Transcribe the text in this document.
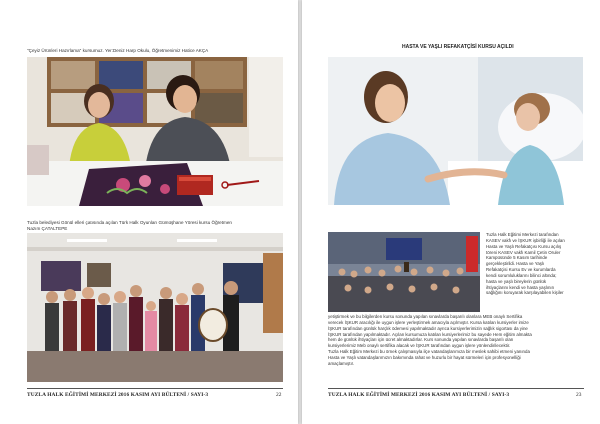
"Çeyiz Ürünleri Hazırlama" kursumuz. Yer:Deniz Harp Okulu, Öğretmenimiz Hatice AKÇA
Tuzla belediyesi Gönül elleri çatısında açılan Türk Halk Oyunları Gümüşhane Yöresi kursu Öğretmen
Nazım ÇATALTEPE
TUZLA HALK EĞİTİMİ MERKEZİ 2016 KASIM AYI BÜLTENİ / SAYI-3	22
HASTA VE YAŞLI REFAKATÇİSİ KURSU AÇILDI

Tuzla Halk Eğitimi Merkezi tarafından

KASEV vakfı ve İŞKUR işbirliği ile açılan

Hasta ve Yaşlı Refakatçısı Kursu açılış

töreni KASEV vakfı Kamil Çetin Oruler

Kampüsünde 5 Kasım tarihinde

gerçekleştirildi. Hasta ve Yaşlı

Refakatçisi Kursu Ev ve kurumlarda

kendi sorumluluklarını bilinci altında;

hasta ve yaşlı bireylerin günlük

ihtiyaçlarını kendi ve hasta yaşlının

sağlığını koruyarak karşılayabilen kişiler

yetiştirmek ve bu bilgilerden kursu sonunda yapılan sınavlarda başarılı olanlara MEB onaylı Sertifika

verecek İŞKUR aracılığı ile uygun işlere yerleştirmek amacıyla açılmıştır. Kursa katılan kursiyerler imize

İŞKUR tarafından günlük harçlık ödemesi yapılmaktadır ayrıca kursiyerlerimizin sağlık sigortası da yine

İŞKUR tarafından yapılmaktadır. Açılan kursumuza katılan kursiyerlerimiz bu sayede Hem eğitim almakta

hem de günlük ihtiyaçları için ücret almaktadırlar. Kurs sonunda yapılan sınavlarda başarılı olan

kursiyerlerimiz Meb onaylı sertifika alacak ve İŞKUR tarafından uygun işlere yönlendirilecektir.

Tuzla Halk Eğitim Merkezi bu örnek çalışmasıyla ilçe vatandaşlarımıza bir meslek sahibi etmeni yanında

Hasta ve Yaşlı vatandaşlarımızın bakımında rahat ve huzurlu bir hayat sürmeleri için profesyonelliği

amaçlamıştır.

TUZLA HALK EĞİTİMİ MERKEZİ 2016 KASIM AYI BÜLTENİ / SAYI-3	23
